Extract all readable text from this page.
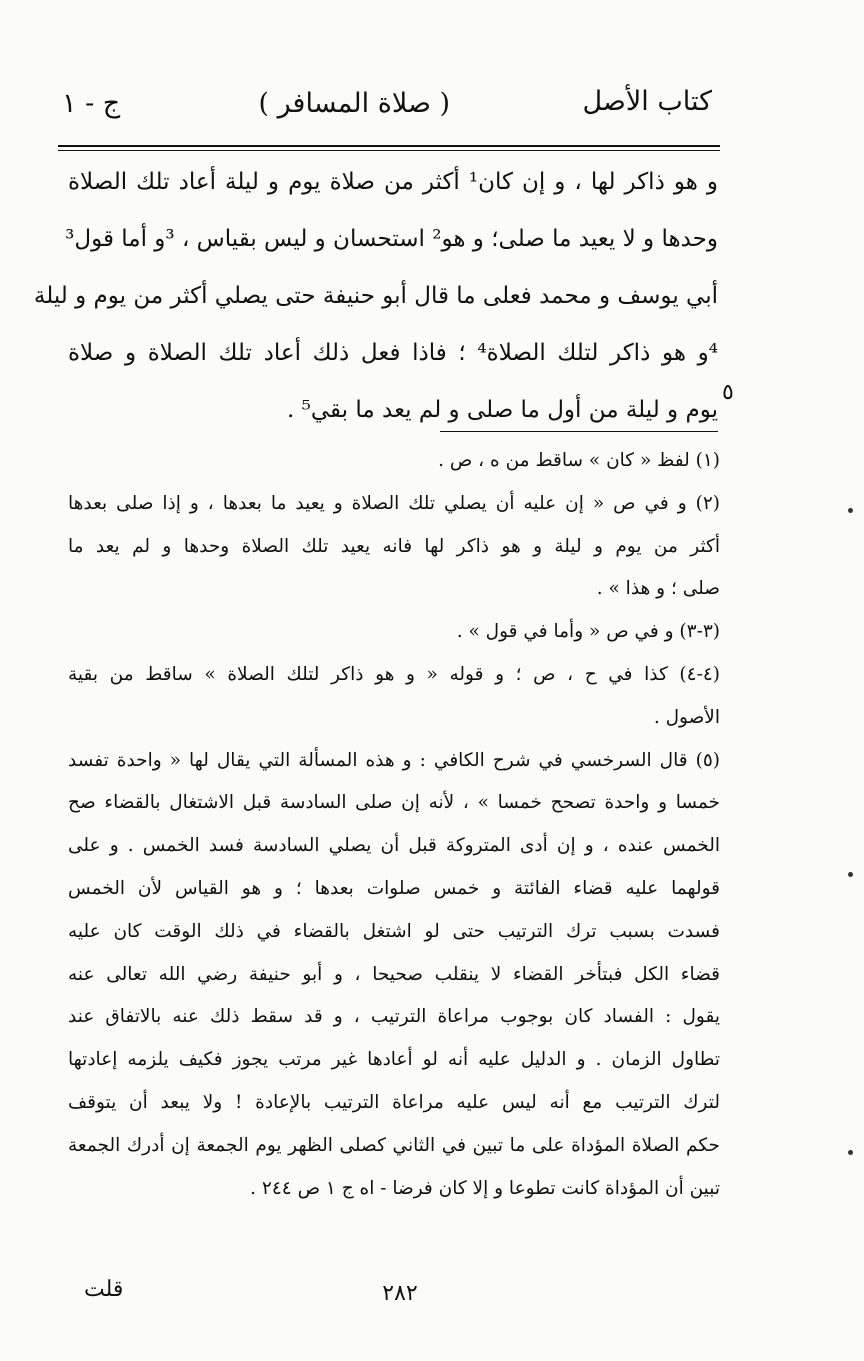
كتاب الأصل
( صلاة المسافر )
ج - ١
و هو ذاكر لها ، و إن كان¹ أكثر من صلاة يوم و ليلة أعاد تلك الصلاة
وحدها و لا يعيد ما صلى؛ و هو² استحسان و ليس بقياس ، ³و أما قول³
أبي يوسف و محمد فعلى ما قال أبو حنيفة حتى يصلي أكثر من يوم و ليلة
⁴و هو ذاكر لتلك الصلاة⁴ ؛ فاذا فعل ذلك أعاد تلك الصلاة و صلاة
يوم و ليلة من أول ما صلى و لم يعد ما بقي⁵ .
٥
(١) لفظ « كان » ساقط من ه ، ص .
(٢) و في ص « إن عليه أن يصلي تلك الصلاة و يعيد ما بعدها ، و إذا صلى بعدها
أكثر من يوم و ليلة و هو ذاكر لها فانه يعيد تلك الصلاة وحدها و لم يعد ما
صلى ؛ و هذا » .
(٣-٣) و في ص « وأما في قول » .
(٤-٤) كذا في ح ، ص ؛ و قوله « و هو ذاكر لتلك الصلاة » ساقط من بقية
الأصول .
(٥) قال السرخسي في شرح الكافي : و هذه المسألة التي يقال لها « واحدة تفسد
خمسا و واحدة تصحح خمسا » ، لأنه إن صلى السادسة قبل الاشتغال بالقضاء صح
الخمس عنده ، و إن أدى المتروكة قبل أن يصلي السادسة فسد الخمس . و على
قولهما عليه قضاء الفائتة و خمس صلوات بعدها ؛ و هو القياس لأن الخمس
فسدت بسبب ترك الترتيب حتى لو اشتغل بالقضاء في ذلك الوقت كان عليه
قضاء الكل فبتأخر القضاء لا ينقلب صحيحا ، و أبو حنيفة رضي الله تعالى عنه
يقول : الفساد كان بوجوب مراعاة الترتيب ، و قد سقط ذلك عنه بالاتفاق عند
تطاول الزمان . و الدليل عليه أنه لو أعادها غير مرتب يجوز فكيف يلزمه إعادتها
لترك الترتيب مع أنه ليس عليه مراعاة الترتيب بالإعادة ! ولا يبعد أن يتوقف
حكم الصلاة المؤداة على ما تبين في الثاني كصلى الظهر يوم الجمعة إن أدرك الجمعة
تبين أن المؤداة كانت تطوعا و إلا كان فرضا - اه ج ١ ص ٢٤٤ .
٢٨٢
قلت
